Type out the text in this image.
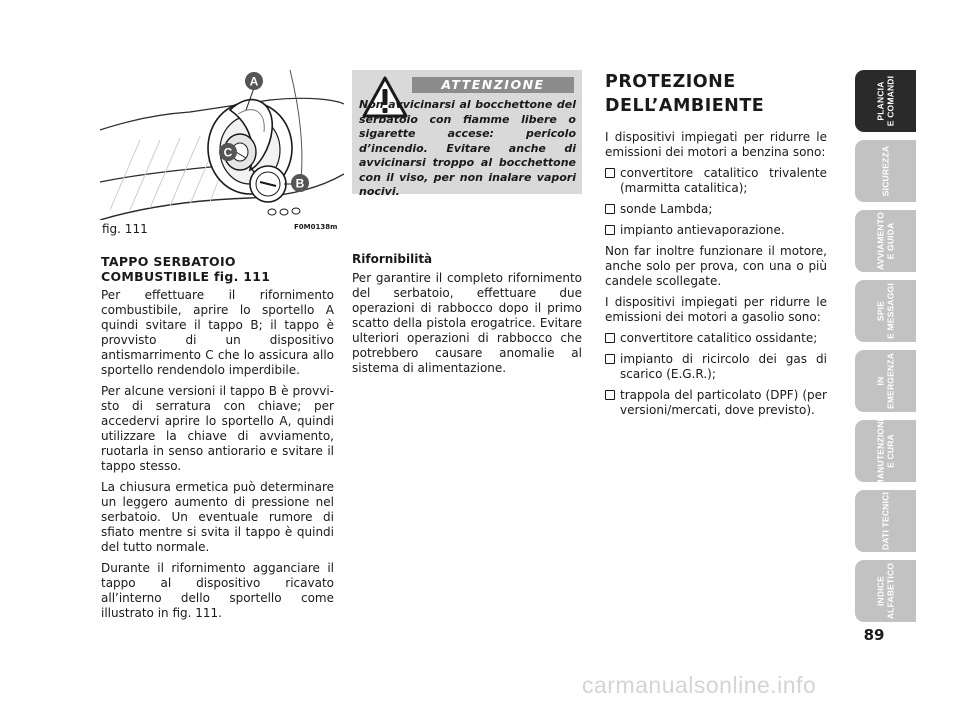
A
C
B
fig. 111	F0M0138m
TAPPO SERBATOIO
COMBUSTIBILE fig. 111

Per effettuare il rifornimento combustibile, aprire lo sportello A quindi svitare il tappo B; il tappo è provvisto di un dispositivo antismarrimento C che lo assicura allo sportello rendendolo imperdibile.

Per alcune versioni il tappo B è provvisto di serratura con chiave; per accedervi aprire lo sportello A, quindi utilizzare la chiave di avviamento, ruotarla in senso antiorario e svitare il tappo stesso.

La chiusura ermetica può determinare un leggero aumento di pressione nel serbatoio. Un eventuale rumore di sfiato mentre si svita il tappo è quindi del tutto normale.

Durante il rifornimento agganciare il tappo al dispositivo ricavato all’interno dello sportello come illustrato in fig. 111.

ATTENZIONE
Non avvicinarsi al bocchettone del serbatoio con fiamme libere o sigarette accese: pericolo d’incendio. Evitare anche di avvicinarsi troppo al bocchettone con il viso, per non inalare vapori nocivi.
Rifornibilità

Per garantire il completo rifornimento del serbatoio, effettuare due operazioni di rabbocco dopo il primo scatto della pistola erogatrice. Evitare ulteriori operazioni di rabbocco che potrebbero causare anomalie al sistema di alimentazione.

PROTEZIONE
DELL’AMBIENTE

I dispositivi impiegati per ridurre le emissioni dei motori a benzina sono:

convertitore catalitico trivalente (marmitta catalitica);
sonde Lambda;
impianto antievaporazione.

Non far inoltre funzionare il motore, anche solo per prova, con una o più candele scollegate.

I dispositivi impiegati per ridurre le emissioni dei motori a gasolio sono:

convertitore catalitico ossidante;
impianto di ricircolo dei gas di scarico (E.G.R.);
trappola del particolato (DPF) (per versioni/mercati, dove previsto).
PLANCIA E COMANDI
SICUREZZA
AVVIAMENTO E GUIDA
SPIE E MESSAGGI
IN EMERGENZA
MANUTENZIONE E CURA
DATI TECNICI
INDICE ALFABETICO
89
carmanualsonline.info
